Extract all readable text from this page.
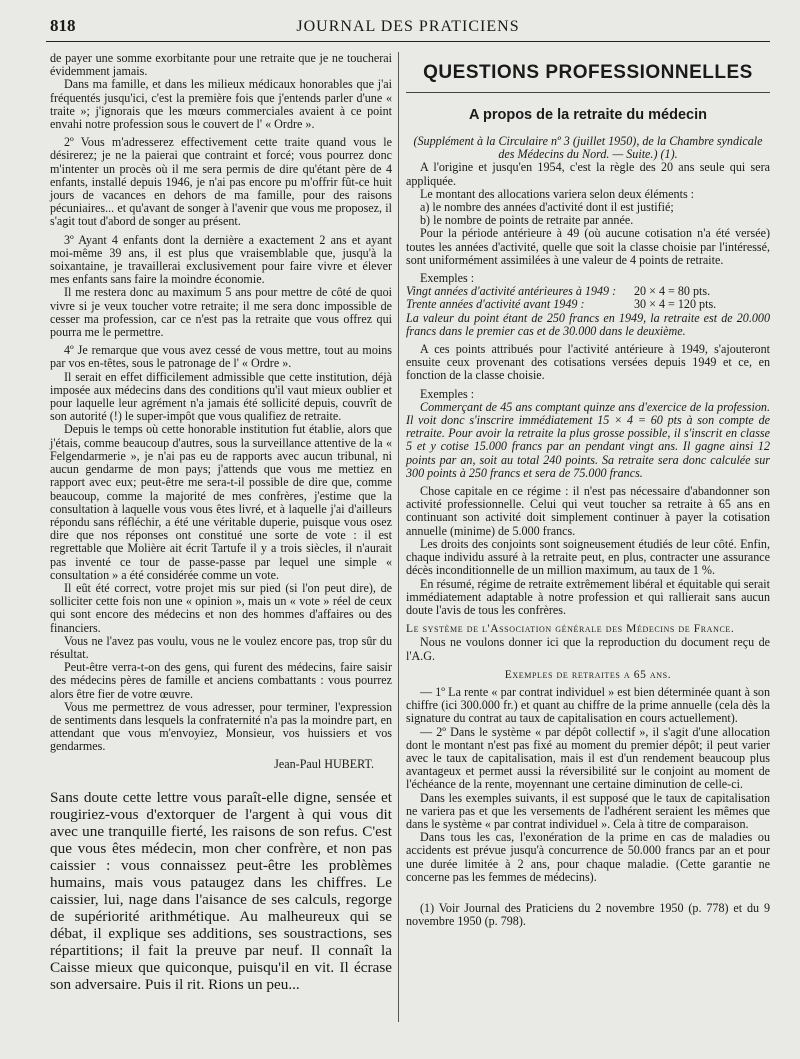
818	JOURNAL DES PRATICIENS

de payer une somme exorbitante pour une retraite que je ne toucherai évidemment jamais.

Dans ma famille, et dans les milieux médicaux honorables que j'ai fréquentés jusqu'ici, c'est la première fois que j'entends parler d'une « traite »; j'ignorais que les mœurs commerciales avaient à ce point envahi notre profession sous le couvert de l' « Ordre ».

2º Vous m'adresserez effectivement cette traite quand vous le désirerez; je ne la paierai que contraint et forcé; vous pourrez donc m'intenter un procès où il me sera permis de dire qu'étant père de 4 enfants, installé depuis 1946, je n'ai pas encore pu m'offrir fût-ce huit jours de vacances en dehors de ma famille, pour des raisons pécuniaires... et qu'avant de songer à l'avenir que vous me proposez, il s'agit tout d'abord de songer au présent.

3º Ayant 4 enfants dont la dernière a exactement 2 ans et ayant moi-même 39 ans, il est plus que vraisemblable que, jusqu'à la soixantaine, je travaillerai exclusivement pour faire vivre et élever mes enfants sans faire la moindre économie.

Il me restera donc au maximum 5 ans pour mettre de côté de quoi vivre si je veux toucher votre retraite; il me sera donc impossible de cesser ma profession, car ce n'est pas la retraite que vous offrez qui pourra me le permettre.

4º Je remarque que vous avez cessé de vous mettre, tout au moins par vos en-têtes, sous le patronage de l' « Ordre ».

Il serait en effet difficilement admissible que cette institution, déjà imposée aux médecins dans des conditions qu'il vaut mieux oublier et pour laquelle leur agrément n'a jamais été sollicité depuis, couvrît de son autorité (!) le super-impôt que vous qualifiez de retraite.

Depuis le temps où cette honorable institution fut établie, alors que j'étais, comme beaucoup d'autres, sous la surveillance attentive de la « Felgendarmerie », je n'ai pas eu de rapports avec aucun tribunal, ni aucun gendarme de mon pays; j'attends que vous me mettiez en rapport avec eux; peut-être me sera-t-il possible de dire que, comme beaucoup, comme la majorité de mes confrères, j'estime que la consultation à laquelle vous vous êtes livré, et à laquelle j'ai d'ailleurs répondu sans réfléchir, a été une véritable duperie, puisque vous osez dire que nos réponses ont constitué une sorte de vote : il est regrettable que Molière ait écrit Tartufe il y a trois siècles, il n'aurait pas inventé ce tour de passe-passe par lequel une simple « consultation » a été considérée comme un vote.

Il eût été correct, votre projet mis sur pied (si l'on peut dire), de solliciter cette fois non une « opinion », mais un « vote » réel de ceux qui sont encore des médecins et non des hommes d'affaires ou des financiers.

Vous ne l'avez pas voulu, vous ne le voulez encore pas, trop sûr du résultat.

Peut-être verra-t-on des gens, qui furent des médecins, faire saisir des médecins pères de famille et anciens combattants : vous pourrez alors être fier de votre œuvre.

Vous me permettrez de vous adresser, pour terminer, l'expression de sentiments dans lesquels la confraternité n'a pas la moindre part, en attendant que vous m'envoyiez, Monsieur, vos huissiers et vos gendarmes.

Jean-Paul HUBERT.

Sans doute cette lettre vous paraît-elle digne, sensée et rougiriez-vous d'extorquer de l'argent à qui vous dit avec une tranquille fierté, les raisons de son refus. C'est que vous êtes médecin, mon cher confrère, et non pas caissier : vous connaissez peut-être les problèmes humains, mais vous pataugez dans les chiffres. Le caissier, lui, nage dans l'aisance de ses calculs, regorge de supériorité arithmétique. Au malheureux qui se débat, il explique ses additions, ses soustractions, ses répartitions; il fait la preuve par neuf. Il connaît la Caisse mieux que quiconque, puisqu'il en vit. Il écrase son adversaire. Puis il rit. Rions un peu...

QUESTIONS PROFESSIONNELLES
A propos de la retraite du médecin

(Supplément à la Circulaire nº 3 (juillet 1950), de la Chambre syndicale des Médecins du Nord. — Suite.) (1).

A l'origine et jusqu'en 1954, c'est la règle des 20 ans seule qui sera appliquée.

Le montant des allocations variera selon deux éléments :

a) le nombre des années d'activité dont il est justifié;

b) le nombre de points de retraite par année.

Pour la période antérieure à 49 (où aucune cotisation n'a été versée) toutes les années d'activité, quelle que soit la classe choisie par l'intéressé, sont uniformément assimilées à une valeur de 4 points de retraite.

Exemples :

Vingt années d'activité antérieures à 1949 : 20 × 4 = 80 pts.
Trente années d'activité avant 1949 :	30 × 4 = 120 pts.

La valeur du point étant de 250 francs en 1949, la retraite est de 20.000 francs dans le premier cas et de 30.000 dans le deuxième.

A ces points attribués pour l'activité antérieure à 1949, s'ajouteront ensuite ceux provenant des cotisations versées depuis 1949 et ce, en fonction de la classe choisie.

Exemples :

Commerçant de 45 ans comptant quinze ans d'exercice de la profession. Il voit donc s'inscrire immédiatement 15 × 4 = 60 pts à son compte de retraite. Pour avoir la retraite la plus grosse possible, il s'inscrit en classe 5 et y cotise 15.000 francs par an pendant vingt ans. Il gagne ainsi 12 points par an, soit au total 240 points. Sa retraite sera donc calculée sur 300 points à 250 francs et sera de 75.000 francs.

Chose capitale en ce régime : il n'est pas nécessaire d'abandonner son activité professionnelle. Celui qui veut toucher sa retraite à 65 ans en continuant son activité doit simplement continuer à payer la cotisation annuelle (minime) de 5.000 francs.

Les droits des conjoints sont soigneusement étudiés de leur côté. Enfin, chaque individu assuré à la retraite peut, en plus, contracter une assurance décès inconditionnelle de un million maximum, au taux de 1 %.

En résumé, régime de retraite extrêmement libéral et équitable qui serait immédiatement adaptable à notre profession et qui rallierait sans aucun doute l'avis de tous les confrères.

Le système de l'Association générale des Médecins de France.

Nous ne voulons donner ici que la reproduction du document reçu de l'A.G.

Exemples de retraites a 65 ans.

— 1º La rente « par contrat individuel » est bien déterminée quant à son chiffre (ici 300.000 fr.) et quant au chiffre de la prime annuelle (cela dès la signature du contrat au taux de capitalisation en cours actuellement).

— 2º Dans le système « par dépôt collectif », il s'agit d'une allocation dont le montant n'est pas fixé au moment du premier dépôt; il peut varier avec le taux de capitalisation, mais il est d'un rendement beaucoup plus avantageux et permet aussi la réversibilité sur le conjoint au moment de l'échéance de la rente, moyennant une certaine diminution de celle-ci.

Dans les exemples suivants, il est supposé que le taux de capitalisation ne variera pas et que les versements de l'adhérent seraient les mêmes que dans le système « par contrat individuel ». Cela à titre de comparaison.

Dans tous les cas, l'exonération de la prime en cas de maladies ou accidents est prévue jusqu'à concurrence de 50.000 francs par an et pour une durée limitée à 2 ans, pour chaque maladie. (Cette garantie ne concerne pas les femmes de médecins).

(1) Voir Journal des Praticiens du 2 novembre 1950 (p. 778) et du 9 novembre 1950 (p. 798).
